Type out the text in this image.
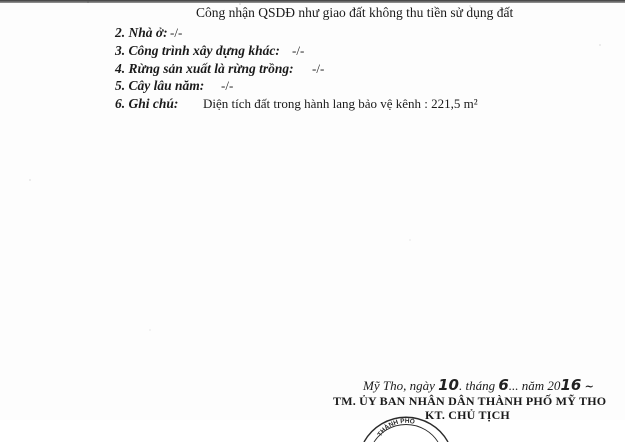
Công nhận QSDĐ như giao đất không thu tiền sử dụng đất
2. Nhà ở: -/-
3. Công trình xây dựng khác: -/-
4. Rừng sản xuất là rừng trồng: -/-
5. Cây lâu năm: -/-
6. Ghi chú: Diện tích đất trong hành lang bảo vệ kênh : 221,5 m²
Mỹ Tho, ngày 10. tháng 6... năm 2016 ~
TM. ỦY BAN NHÂN DÂN THÀNH PHỐ MỸ THO
THÀNH PHỐ KT. CHỦ TỊCH
